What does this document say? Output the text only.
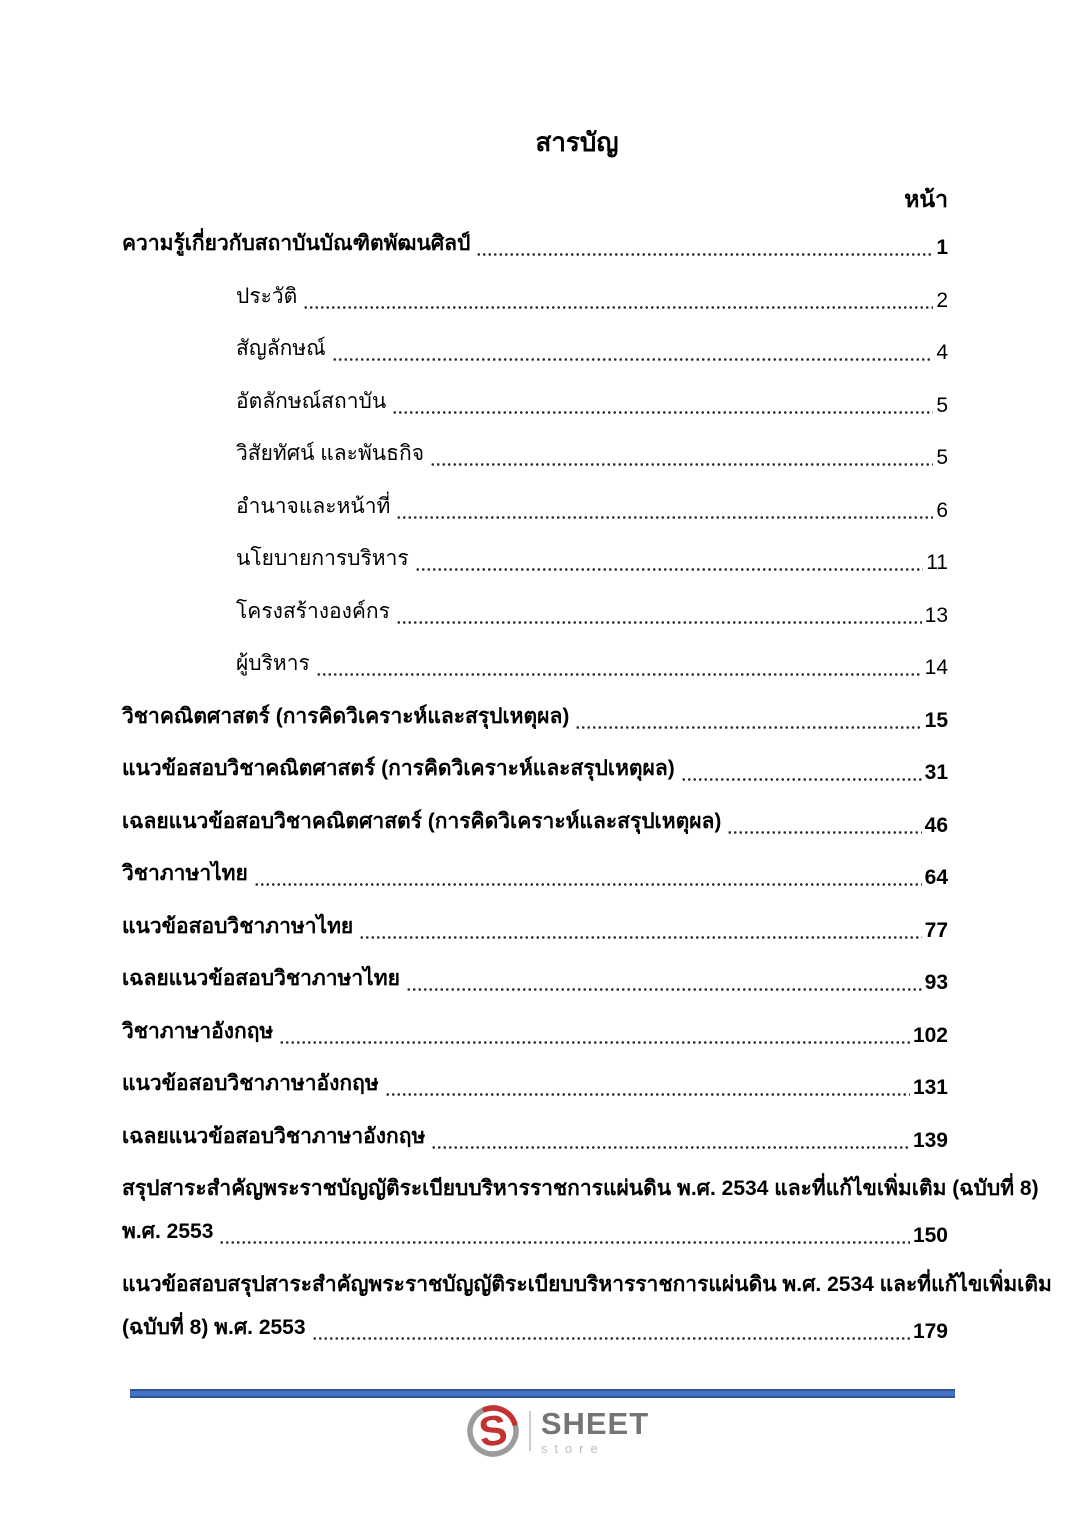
สารบัญ
หน้า
ความรู้เกี่ยวกับสถาบันบัณฑิตพัฒนศิลป์	1
ประวัติ	2
สัญลักษณ์	4
อัตลักษณ์สถาบัน	5
วิสัยทัศน์ และพันธกิจ	5
อำนาจและหน้าที่	6
นโยบายการบริหาร	11
โครงสร้างองค์กร	13
ผู้บริหาร	14
วิชาคณิตศาสตร์ (การคิดวิเคราะห์และสรุปเหตุผล)	15
แนวข้อสอบวิชาคณิตศาสตร์ (การคิดวิเคราะห์และสรุปเหตุผล)	31
เฉลยแนวข้อสอบวิชาคณิตศาสตร์ (การคิดวิเคราะห์และสรุปเหตุผล)	46
วิชาภาษาไทย	64
แนวข้อสอบวิชาภาษาไทย	77
เฉลยแนวข้อสอบวิชาภาษาไทย	93
วิชาภาษาอังกฤษ	102
แนวข้อสอบวิชาภาษาอังกฤษ	131
เฉลยแนวข้อสอบวิชาภาษาอังกฤษ	139
สรุปสาระสำคัญพระราชบัญญัติระเบียบบริหารราชการแผ่นดิน พ.ศ. 2534 และที่แก้ไขเพิ่มเติม (ฉบับที่ 8)
พ.ศ. 2553	150
แนวข้อสอบสรุปสาระสำคัญพระราชบัญญัติระเบียบบริหารราชการแผ่นดิน พ.ศ. 2534 และที่แก้ไขเพิ่มเติม
(ฉบับที่ 8) พ.ศ. 2553	179
S SHEET
store
